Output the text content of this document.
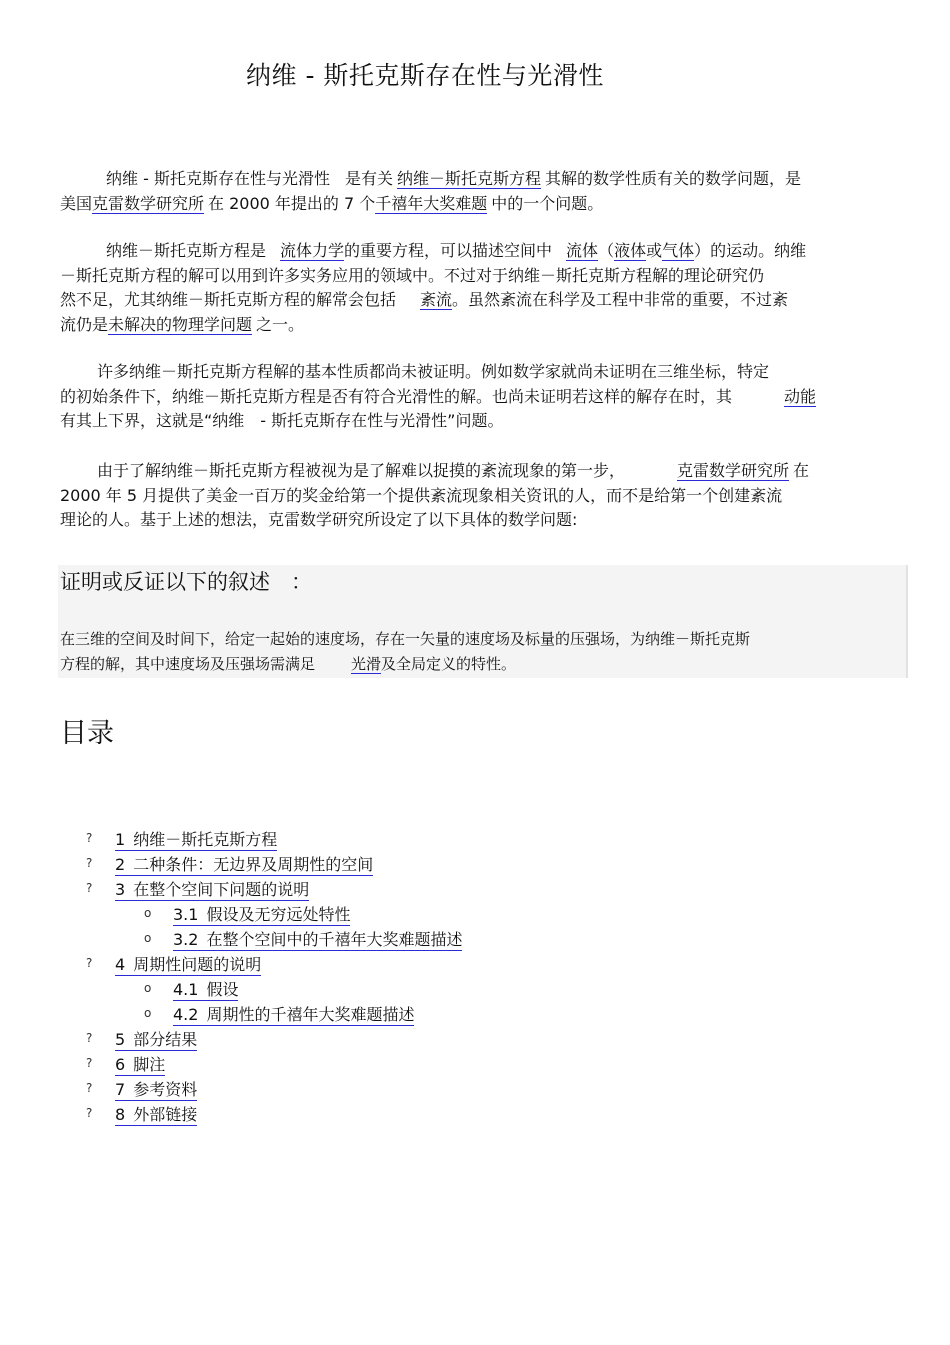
纳维 - 斯托克斯存在性与光滑性
纳维 - 斯托克斯存在性与光滑性 是有关 纳维－斯托克斯方程 其解的数学性质有关的数学问题，是
美国克雷数学研究所 在 2000 年提出的 7 个千禧年大奖难题 中的一个问题。
纳维－斯托克斯方程是 流体力学的重要方程，可以描述空间中 流体（液体或气体）的运动。纳维
－斯托克斯方程的解可以用到许多实务应用的领域中。不过对于纳维－斯托克斯方程解的理论研究仍
然不足，尤其纳维－斯托克斯方程的解常会包括 紊流。虽然紊流在科学及工程中非常的重要，不过紊
流仍是未解决的物理学问题 之一。
许多纳维－斯托克斯方程解的基本性质都尚未被证明。例如数学家就尚未证明在三维坐标，特定
的初始条件下，纳维－斯托克斯方程是否有符合光滑性的解。也尚未证明若这样的解存在时，其	动能
有其上下界，这就是“纳维　- 斯托克斯存在性与光滑性”问题。
由于了解纳维－斯托克斯方程被视为是了解难以捉摸的紊流现象的第一步，	克雷数学研究所 在
2000 年 5 月提供了美金一百万的奖金给第一个提供紊流现象相关资讯的人，而不是给第一个创建紊流
理论的人。基于上述的想法，克雷数学研究所设定了以下具体的数学问题:
证明或反证以下的叙述　：
在三维的空间及时间下，给定一起始的速度场，存在一矢量的速度场及标量的压强场，为纳维－斯托克斯
方程的解，其中速度场及压强场需满足 光滑及全局定义的特性。
目录
? 1 纳维－斯托克斯方程
? 2 二种条件：无边界及周期性的空间
? 3 在整个空间下问题的说明
o 3.1 假设及无穷远处特性
o 3.2 在整个空间中的千禧年大奖难题描述
? 4 周期性问题的说明
o 4.1 假设
o 4.2 周期性的千禧年大奖难题描述
? 5 部分结果
? 6 脚注
? 7 参考资料
? 8 外部链接
